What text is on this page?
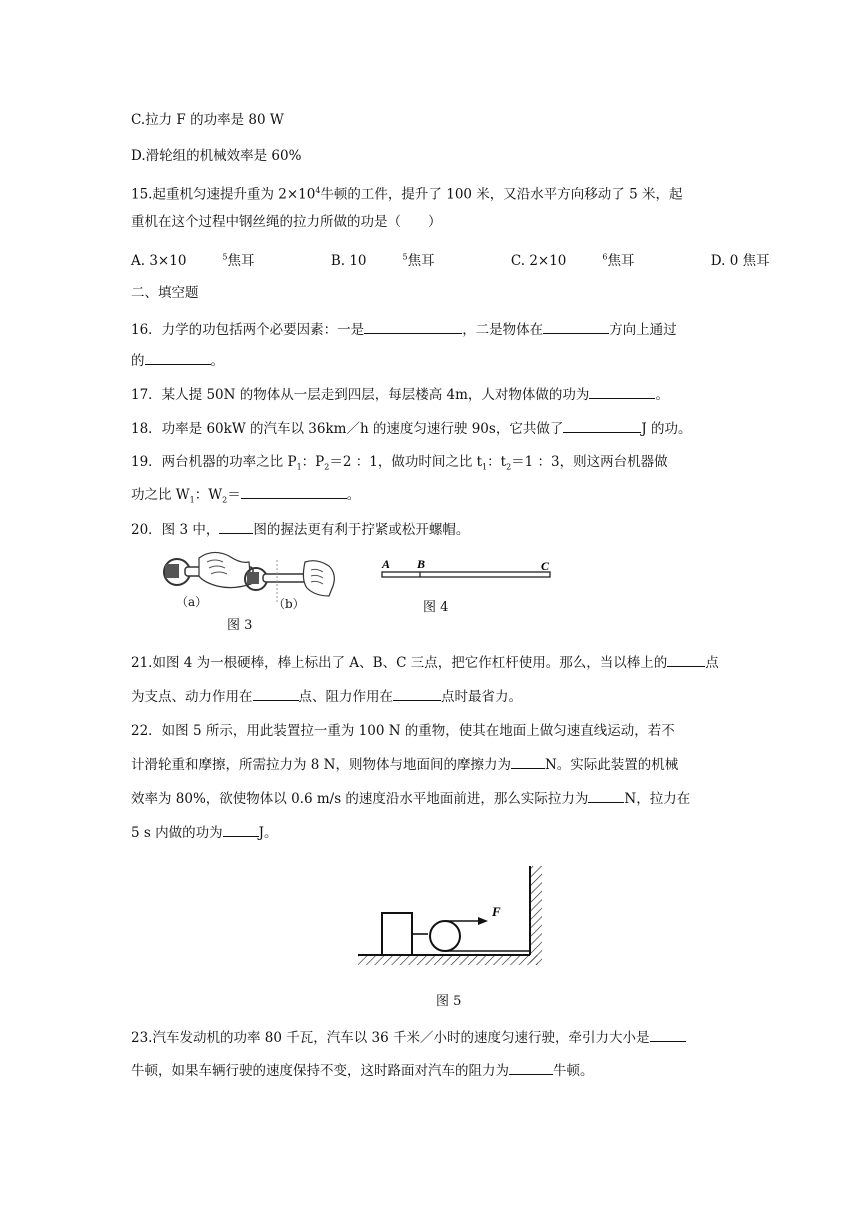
C.拉力 F 的功率是 80 W
D.滑轮组的机械效率是 60%
15.起重机匀速提升重为 $2\times 10^4$牛顿的工件，提升了 100 米，又沿水平方向移动了 5 米，起
重机在这个过程中钢丝绳的拉力所做的功是（　　）
A. 3×10	$^5$焦耳	B. 10	$^5$焦耳	C. 2×10	$^6$焦耳	D. 0 焦耳
二、填空题
16．力学的功包括两个必要因素：一是	，二是物体在	方向上通过
的	。
17．某人提 50N 的物体从一层走到四层，每层楼高 4m，人对物体做的功为	。
18．功率是 60kW 的汽车以 36km／h 的速度匀速行驶 90s，它共做了	J 的功。
19．两台机器的功率之比 $P_1$：$P_2=2$ ：1，做功时间之比 $t_1$：$t_2=1$ ：3，则这两台机器做
功之比 $W_1$：$W_2=$	。
20．图 3 中，	图的握法更有利于拧紧或松开螺帽。
（a）	（b）
图 3
A B	C
图 4
21.如图 4 为一根硬棒，棒上标出了 A、B、C 三点，把它作杠杆使用。那么，当以棒上的	点
为支点、动力作用在	点、阻力作用在	点时最省力。
22．如图 5 所示，用此装置拉一重为 100 N 的重物，使其在地面上做匀速直线运动，若不
计滑轮重和摩擦，所需拉力为 8 N，则物体与地面间的摩擦力为	N。实际此装置的机械
效率为 80%，欲使物体以 0.6 m/s 的速度沿水平地面前进，那么实际拉力为	N，拉力在
5 s 内做的功为	J。
F
图 5
23.汽车发动机的功率 80 千瓦，汽车以 36 千米／小时的速度匀速行驶，牵引力大小是
牛顿，如果车辆行驶的速度保持不变，这时路面对汽车的阻力为	牛顿。
